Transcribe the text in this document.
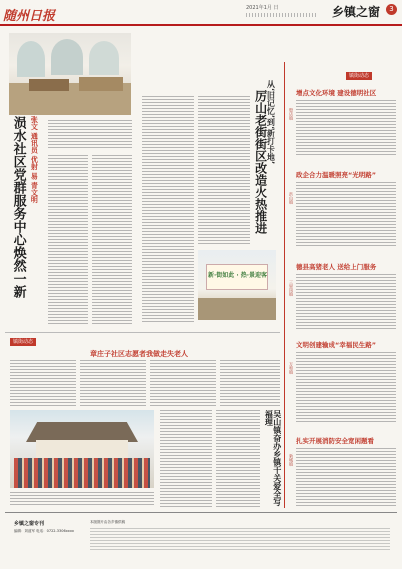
随州日报
2021年1月 日	乡镇之窗	3
涢水社区党群服务中心焕然一新 张文 通讯员 优射 易 青文明	从‘旧记忆’到‘新打卡地’
厉山老街街区改造火热推进
新·街如此 · 热·景迎客
镇街动态
章庄子社区志愿者我做走失老人
吴山镇奋办乡镇干关爱全写福理
镇街动态
增点文化环境 建设德明社区
殷店镇
政企合力温暖照亮“光明路”
洪山镇
德县高猪老人 送给上门服务
三里岗镇
文明创建输成“幸福民生路”
万和镇
扎实开展消防安全宽闲题看
新城镇
乡镇之窗专刊
编辑：刘道军 电话：0722-3306xxxx
本版图片由各乡镇供稿
